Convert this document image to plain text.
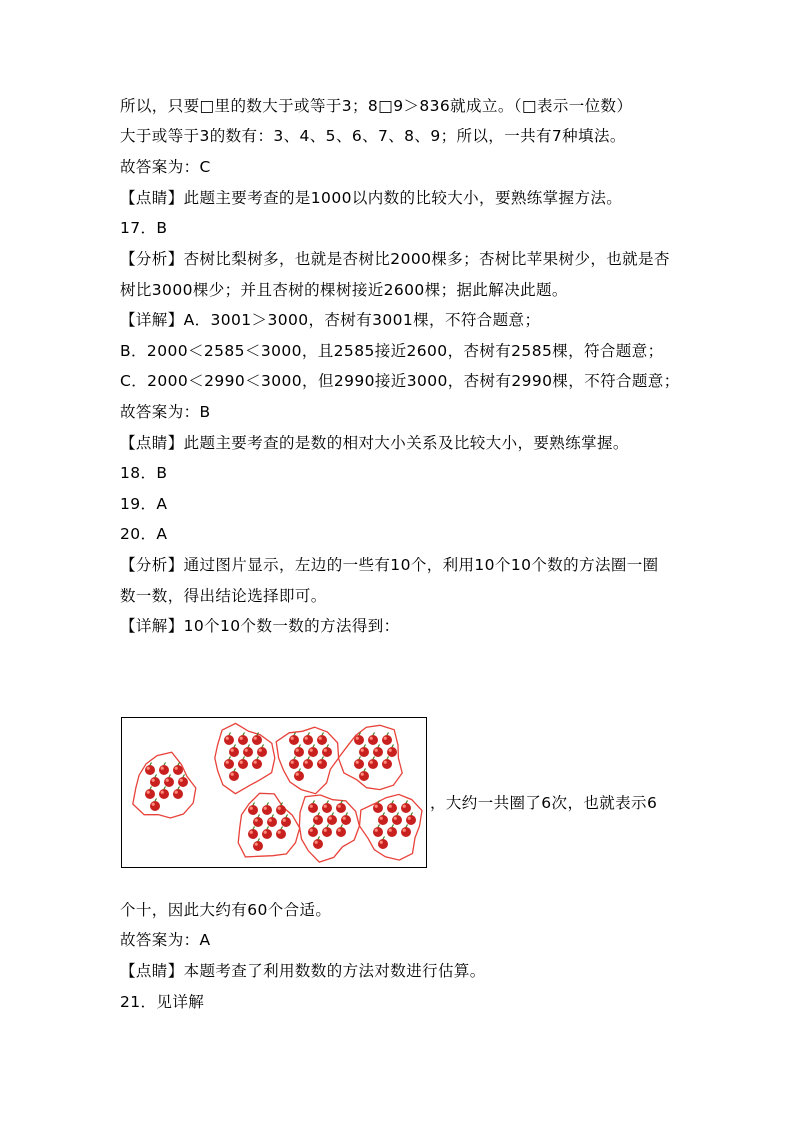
所以，只要□里的数大于或等于3；8□9＞836就成立。（□表示一位数）
大于或等于3的数有：3、4、5、6、7、8、9；所以，一共有7种填法。
故答案为：C
【点睛】此题主要考查的是1000以内数的比较大小，要熟练掌握方法。
17．B
【分析】杏树比梨树多，也就是杏树比2000棵多；杏树比苹果树少，也就是杏
树比3000棵少；并且杏树的棵树接近2600棵；据此解决此题。
【详解】A．3001＞3000，杏树有3001棵，不符合题意；
B．2000＜2585＜3000，且2585接近2600，杏树有2585棵，符合题意；
C．2000＜2990＜3000，但2990接近3000，杏树有2990棵，不符合题意；
故答案为：B
【点睛】此题主要考查的是数的相对大小关系及比较大小，要熟练掌握。
18．B
19．A
20．A
【分析】通过图片显示，左边的一些有10个，利用10个10个数的方法圈一圈
数一数，得出结论选择即可。
【详解】10个10个数一数的方法得到：
，大约一共圈了6次，也就表示6
个十，因此大约有60个合适。
故答案为：A
【点睛】本题考查了利用数数的方法对数进行估算。
21．见详解
